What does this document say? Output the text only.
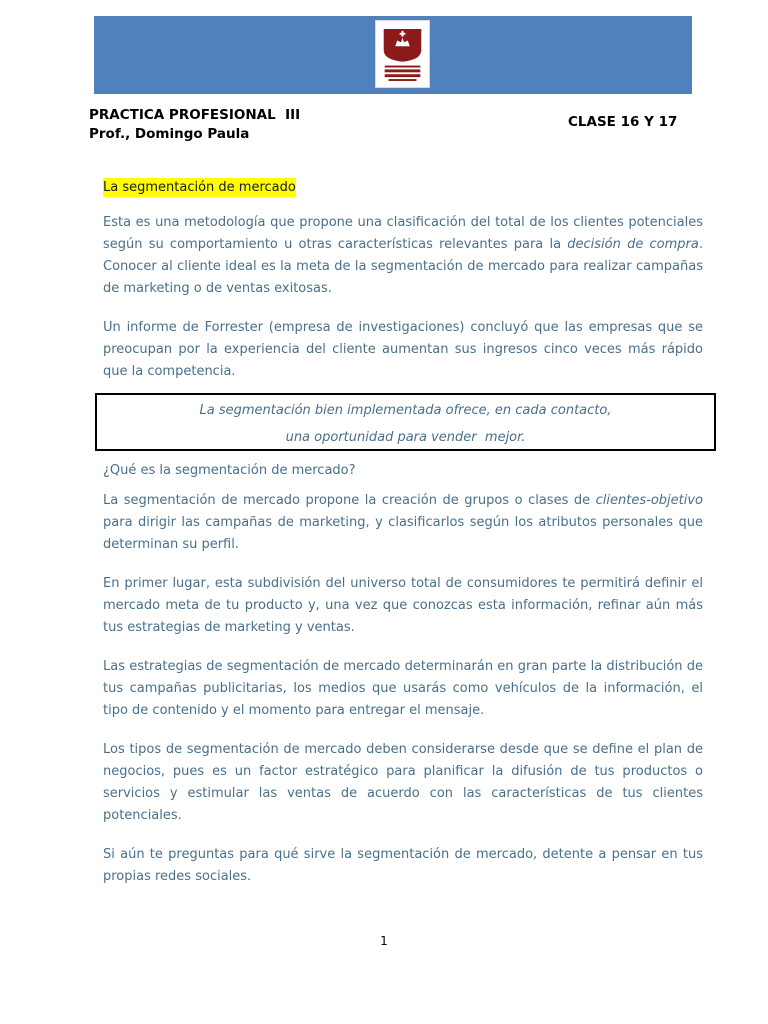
PRACTICA PROFESIONAL  III
Prof., Domingo Paula
CLASE 16 Y 17
La segmentación de mercado

Esta es una metodología que propone una clasificación del total de los clientes potenciales según su comportamiento u otras características relevantes para la decisión de compra. Conocer al cliente ideal es la meta de la segmentación de mercado para realizar campañas de marketing o de ventas exitosas.

Un informe de Forrester (empresa de investigaciones) concluyó que las empresas que se preocupan por la experiencia del cliente aumentan sus ingresos cinco veces más rápido que la competencia.

La segmentación bien implementada ofrece, en cada contacto,
una oportunidad para vender  mejor.

¿Qué es la segmentación de mercado?

La segmentación de mercado propone la creación de grupos o clases de clientes-objetivo para dirigir las campañas de marketing, y clasificarlos según los atributos personales que determinan su perfil.

En primer lugar, esta subdivisión del universo total de consumidores te permitirá definir el mercado meta de tu producto y, una vez que conozcas esta información, refinar aún más tus estrategias de marketing y ventas.

Las estrategias de segmentación de mercado determinarán en gran parte la distribución de tus campañas publicitarias, los medios que usarás como vehículos de la información, el tipo de contenido y el momento para entregar el mensaje.

Los tipos de segmentación de mercado deben considerarse desde que se define el plan de negocios, pues es un factor estratégico para planificar la difusión de tus productos o servicios y estimular las ventas de acuerdo con las características de tus clientes potenciales.

Si aún te preguntas para qué sirve la segmentación de mercado, detente a pensar en tus propias redes sociales.

1
